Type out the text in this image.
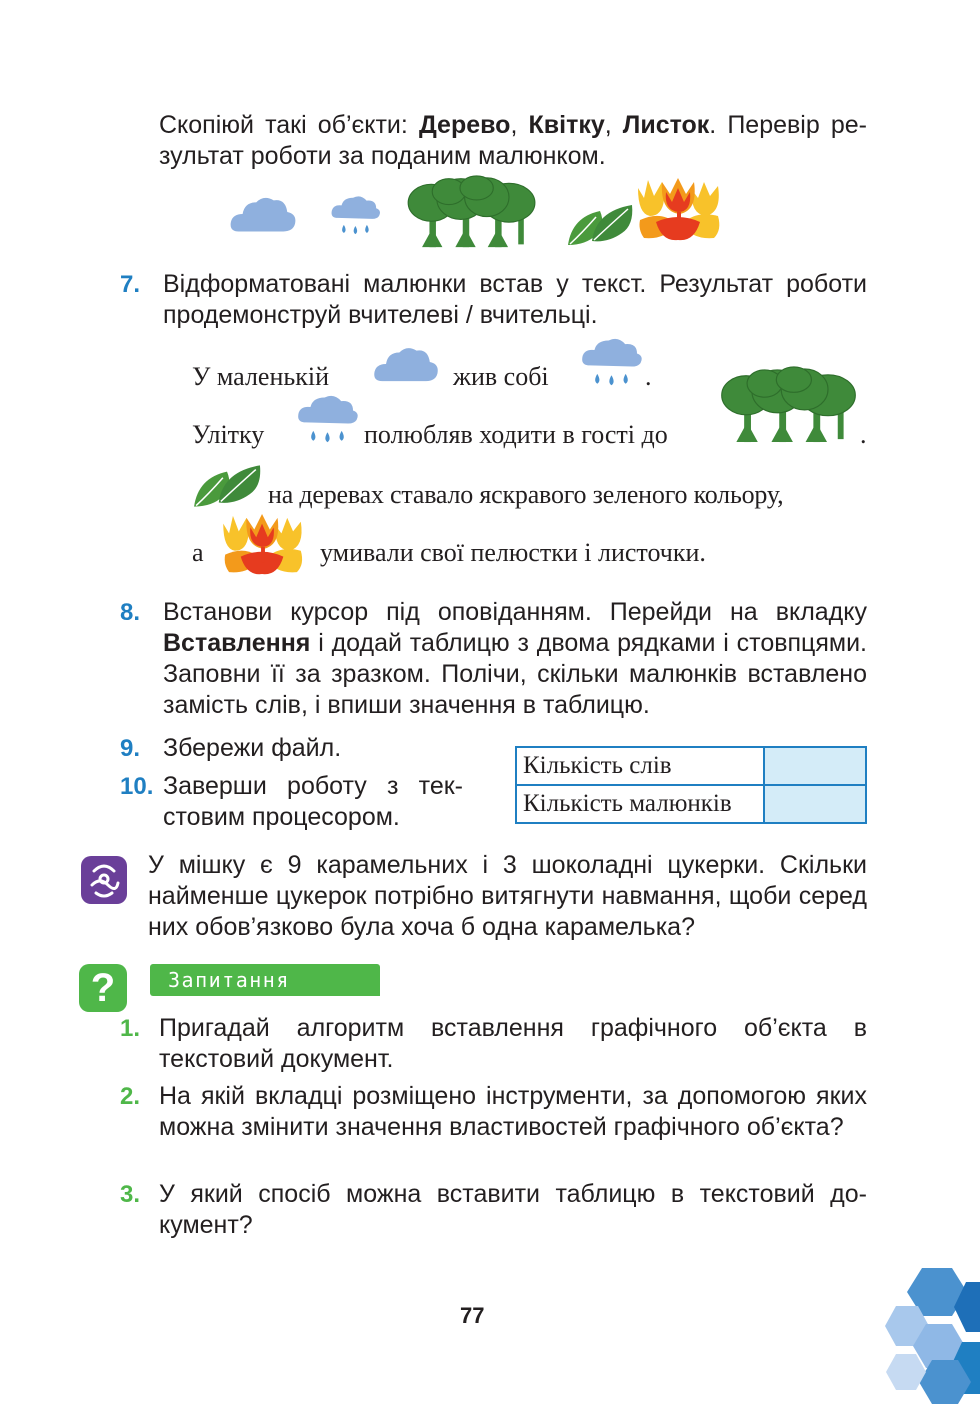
Скопіюй такі об’єкти: Дерево, Квітку, Листок. Перевір результат роботи за поданим малюнком.

7. Відформатовані малюнки встав у текст. Результат роботи продемонструй вчителеві / вчительці.

У маленькій	жив собі	.
Улітку	полюбляв ходити в гості до	.
на деревах ставало яскравого зеленого кольору,
а	умивали свої пелюстки і листочки.
8. Встанови курсор під оповіданням. Перейди на вкладку Вставлення і додай таблицю з двома рядками і стовпцями. Заповни її за зразком. Полічи, скільки малюнків вставлено замість слів, і впиши значення в таблицю.

9. Збережи файл.

10. Заверши роботу з текстовим процесором.

Кількість слів	
Кількість малюнків	

У мішку є 9 карамельних і 3 шоколадні цукерки. Скільки найменше цукерок потрібно витягнути навмання, щоби серед них обов’язково була хоча б одна карамелька?

?	Запитання
1. Пригадай алгоритм вставлення графічного об’єкта в текстовий документ.

2. На якій вкладці розміщено інструменти, за допомогою яких можна змінити значення властивостей графічного об’єкта?

3. У який спосіб можна вставити таблицю в текстовий документ?

77
